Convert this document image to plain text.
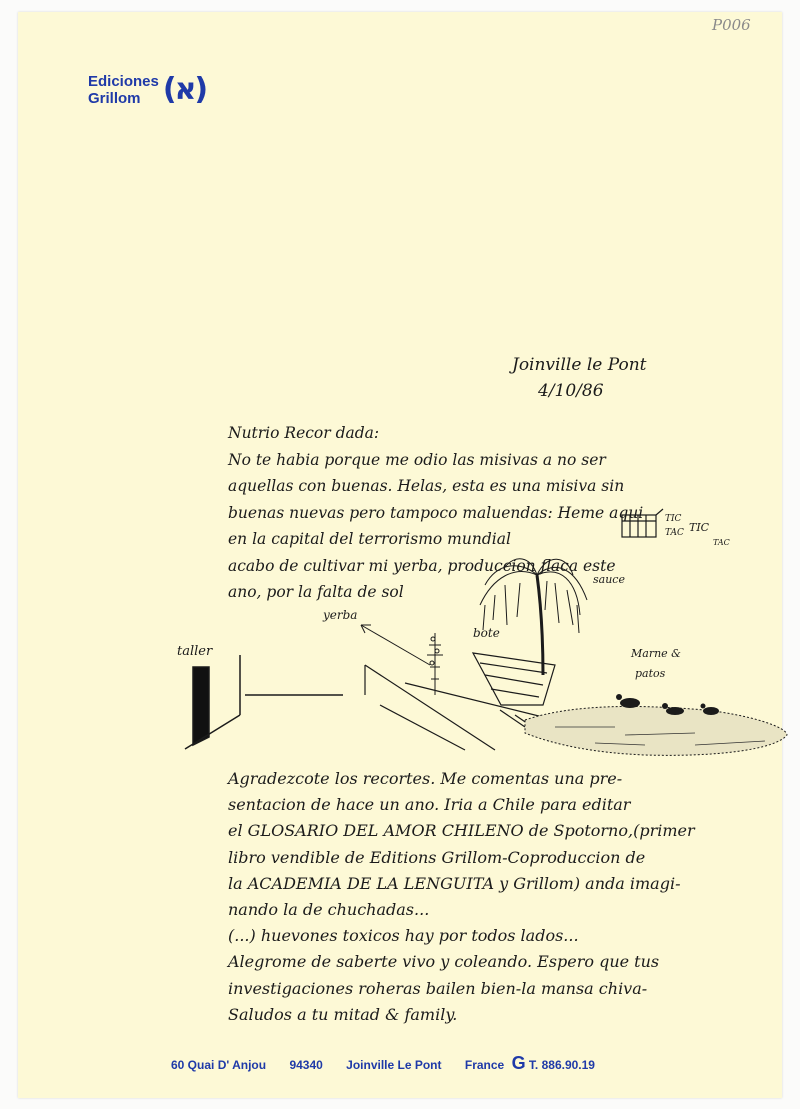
P006
Ediciones
Grillom (א)
Joinville le Pont
4/10/86
Nutrio Recor dada:
No te habia porque me odio las misivas a no ser
aquellas con buenas. Helas, esta es una misiva sin
buenas nuevas pero tampoco maluendas: Heme aqui
en la capital del terrorismo mundial
acabo de cultivar mi yerba, produccion flaca este
ano, por la falta de sol
TIC
TAC TIC
TAC
sauce
taller
yerba
bote
Marne &
patos
Agradezcote los recortes. Me comentas una pre-
sentacion de hace un ano. Iria a Chile para editar
el GLOSARIO DEL AMOR CHILENO de Spotorno,(primer
libro vendible de Editions Grillom-Coproduccion de
la ACADEMIA DE LA LENGUITA y Grillom) anda imagi-
nando la de chuchadas...
(...) huevones toxicos hay por todos lados...
Alegrome de saberte vivo y coleando. Espero que tus
investigaciones roheras bailen bien-la mansa chiva-
Saludos a tu mitad & family.
60 Quai D' Anjou 94340 Joinville Le Pont France G T. 886.90.19
